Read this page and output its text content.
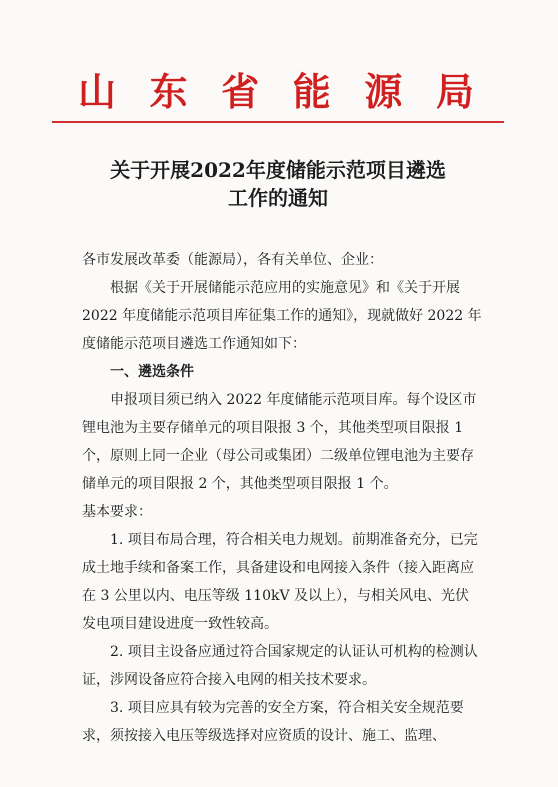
山 东 省 能 源 局
关于开展2022年度储能示范项目遴选
工作的通知

各市发展改革委（能源局），各有关单位、企业：

根据《关于开展储能示范应用的实施意见》和《关于开展 2022 年度储能示范项目库征集工作的通知》，现就做好 2022 年度储能示范项目遴选工作通知如下：

一、遴选条件

申报项目须已纳入 2022 年度储能示范项目库。每个设区市锂电池为主要存储单元的项目限报 3 个，其他类型项目限报 1 个，原则上同一企业（母公司或集团）二级单位锂电池为主要存储单元的项目限报 2 个，其他类型项目限报 1 个。

基本要求：

1. 项目布局合理，符合相关电力规划。前期准备充分，已完成土地手续和备案工作，具备建设和电网接入条件（接入距离应在 3 公里以内、电压等级 110kV 及以上），与相关风电、光伏发电项目建设进度一致性较高。

2. 项目主设备应通过符合国家规定的认证认可机构的检测认证，涉网设备应符合接入电网的相关技术要求。

3. 项目应具有较为完善的安全方案，符合相关安全规范要求，须按接入电压等级选择对应资质的设计、施工、监理、
